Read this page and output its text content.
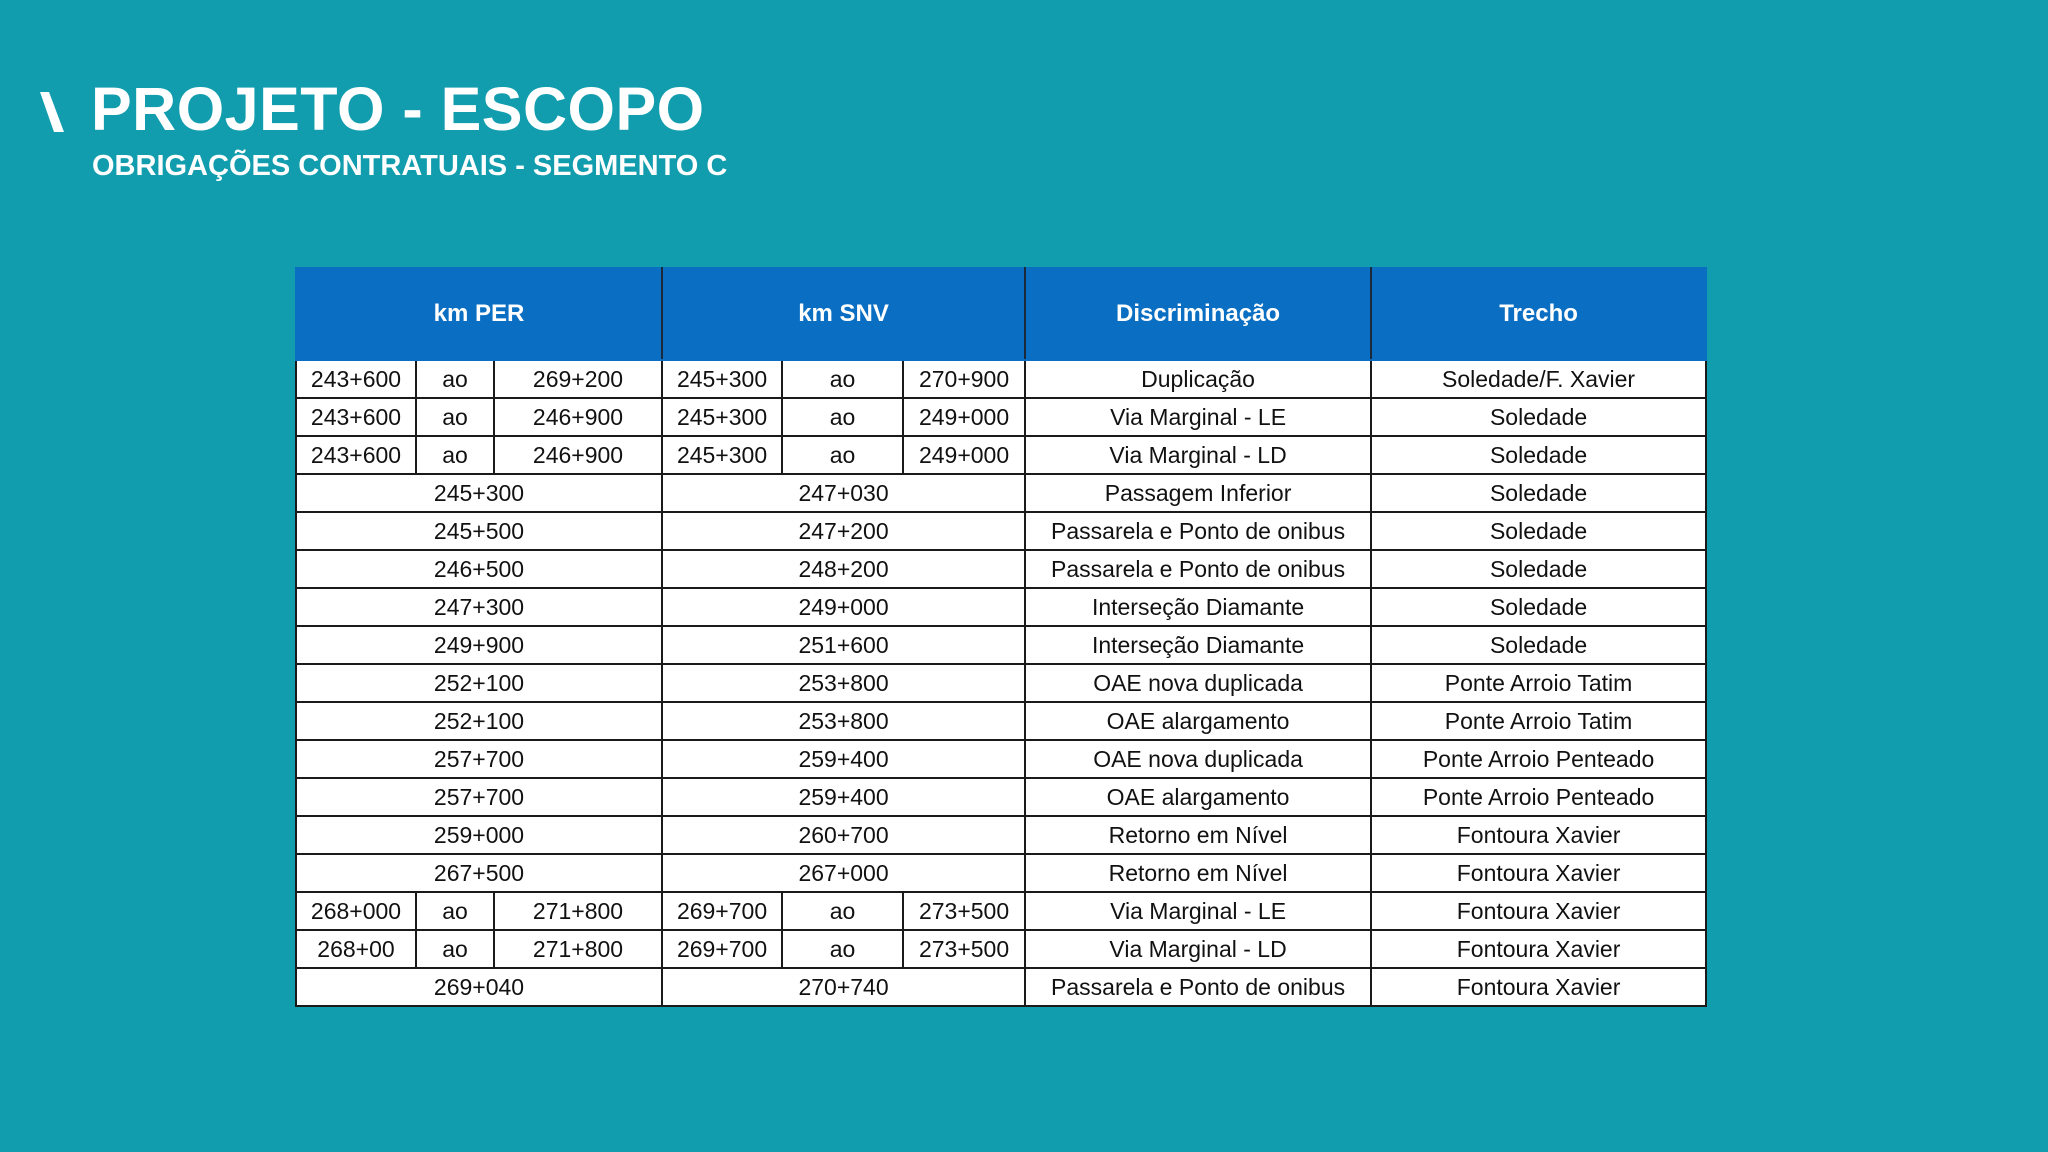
PROJETO - ESCOPO
OBRIGAÇÕES CONTRATUAIS - SEGMENTO C
km PER			km SNV			Discriminação	Trecho
243+600	ao	269+200	245+300	ao	270+900	Duplicação	Soledade/F. Xavier
243+600	ao	246+900	245+300	ao	249+000	Via Marginal - LE	Soledade
243+600	ao	246+900	245+300	ao	249+000	Via Marginal - LD	Soledade
245+300			247+030			Passagem Inferior	Soledade
245+500			247+200			Passarela e Ponto de onibus	Soledade
246+500			248+200			Passarela e Ponto de onibus	Soledade
247+300			249+000			Interseção Diamante	Soledade
249+900			251+600			Interseção Diamante	Soledade
252+100			253+800			OAE nova duplicada	Ponte Arroio Tatim
252+100			253+800			OAE alargamento	Ponte Arroio Tatim
257+700			259+400			OAE nova duplicada	Ponte Arroio Penteado
257+700			259+400			OAE alargamento	Ponte Arroio Penteado
259+000			260+700			Retorno em Nível	Fontoura Xavier
267+500			267+000			Retorno em Nível	Fontoura Xavier
268+000	ao	271+800	269+700	ao	273+500	Via Marginal - LE	Fontoura Xavier
268+00	ao	271+800	269+700	ao	273+500	Via Marginal - LD	Fontoura Xavier
269+040			270+740			Passarela e Ponto de onibus	Fontoura Xavier
